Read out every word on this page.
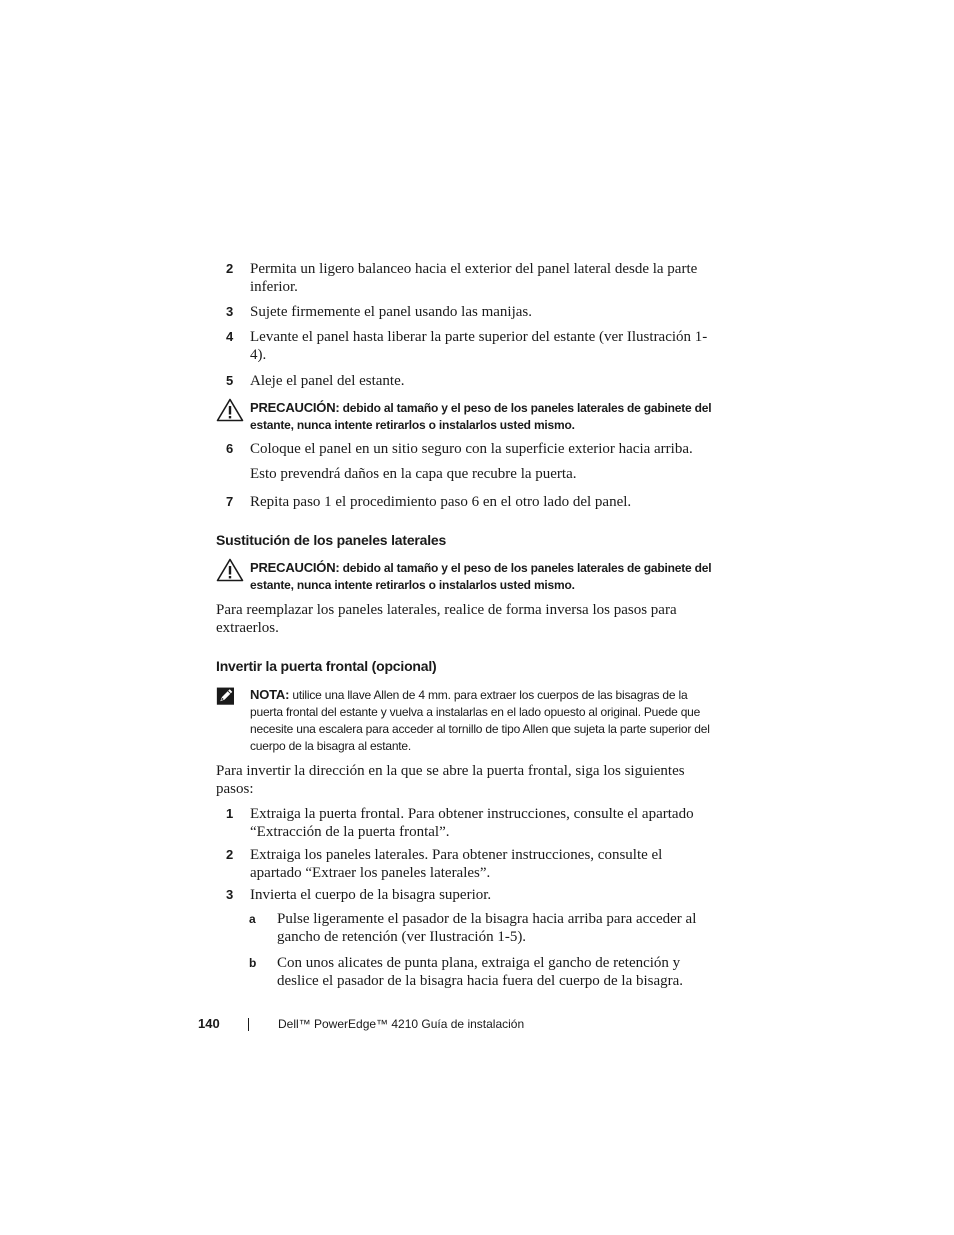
2 Permita un ligero balanceo hacia el exterior del panel lateral desde la parte inferior.
3 Sujete firmemente el panel usando las manijas.
4 Levante el panel hasta liberar la parte superior del estante (ver Ilustración 1-4).
5 Aleje el panel del estante.
PRECAUCIÓN: debido al tamaño y el peso de los paneles laterales de gabinete del estante, nunca intente retirarlos o instalarlos usted mismo.
6 Coloque el panel en un sitio seguro con la superficie exterior hacia arriba.
Esto prevendrá daños en la capa que recubre la puerta.
7 Repita paso 1 el procedimiento paso 6 en el otro lado del panel.
Sustitución de los paneles laterales
PRECAUCIÓN: debido al tamaño y el peso de los paneles laterales de gabinete del estante, nunca intente retirarlos o instalarlos usted mismo.
Para reemplazar los paneles laterales, realice de forma inversa los pasos para extraerlos.
Invertir la puerta frontal (opcional)
NOTA: utilice una llave Allen de 4 mm. para extraer los cuerpos de las bisagras de la puerta frontal del estante y vuelva a instalarlas en el lado opuesto al original. Puede que necesite una escalera para acceder al tornillo de tipo Allen que sujeta la parte superior del cuerpo de la bisagra al estante.
Para invertir la dirección en la que se abre la puerta frontal, siga los siguientes pasos:
1 Extraiga la puerta frontal. Para obtener instrucciones, consulte el apartado “Extracción de la puerta frontal”.
2 Extraiga los paneles laterales. Para obtener instrucciones, consulte el apartado “Extraer los paneles laterales”.
3 Invierta el cuerpo de la bisagra superior.
a Pulse ligeramente el pasador de la bisagra hacia arriba para acceder al gancho de retención (ver Ilustración 1-5).
b Con unos alicates de punta plana, extraiga el gancho de retención y deslice el pasador de la bisagra hacia fuera del cuerpo de la bisagra.
140	Dell™ PowerEdge™ 4210 Guía de instalación
